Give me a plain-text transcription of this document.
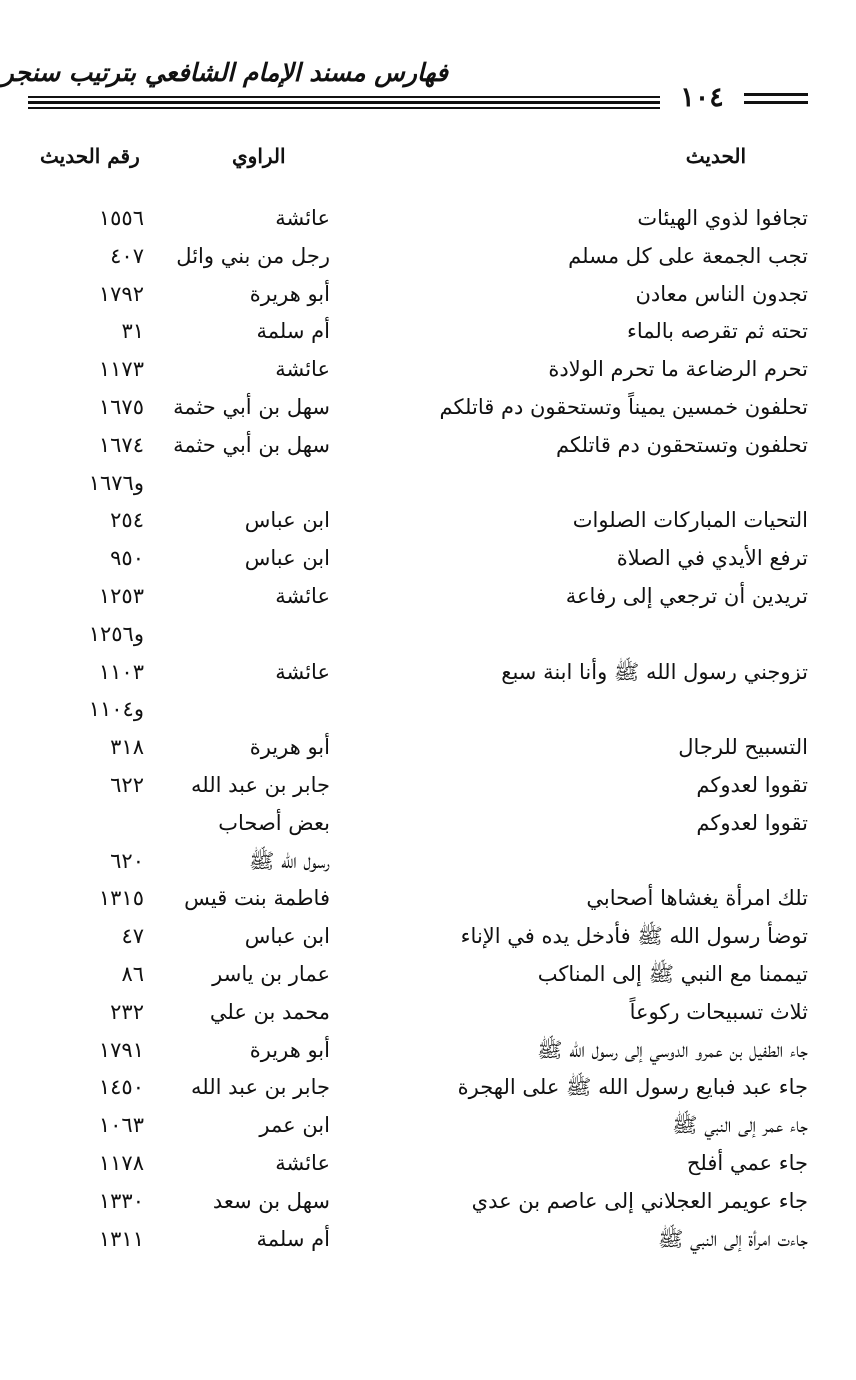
فهارس مسند الإمام الشافعي بترتيب سنجر
١٠٤
الحديث
الراوي
رقم الحديث
تجافوا لذوي الهيئات
عائشة
١٥٥٦
تجب الجمعة على كل مسلم
رجل من بني وائل
٤٠٧
تجدون الناس معادن
أبو هريرة
١٧٩٢
تحته ثم تقرصه بالماء
أم سلمة
٣١
تحرم الرضاعة ما تحرم الولادة
عائشة
١١٧٣
تحلفون خمسين يميناً وتستحقون دم قاتلكم
سهل بن أبي حثمة
١٦٧٥
تحلفون وتستحقون دم قاتلكم
سهل بن أبي حثمة
١٦٧٤
و١٦٧٦
التحيات المباركات الصلوات
ابن عباس
٢٥٤
ترفع الأيدي في الصلاة
ابن عباس
٩٥٠
تريدين أن ترجعي إلى رفاعة
عائشة
١٢٥٣
و١٢٥٦
تزوجني رسول الله ﷺ وأنا ابنة سبع
عائشة
١١٠٣
و١١٠٤
التسبيح للرجال
أبو هريرة
٣١٨
تقووا لعدوكم
جابر بن عبد الله
٦٢٢
تقووا لعدوكم
بعض أصحاب
رسول الله ﷺ
٦٢٠
تلك امرأة يغشاها أصحابي
فاطمة بنت قيس
١٣١٥
توضأ رسول الله ﷺ فأدخل يده في الإناء
ابن عباس
٤٧
تيممنا مع النبي ﷺ إلى المناكب
عمار بن ياسر
٨٦
ثلاث تسبيحات ركوعاً
محمد بن علي
٢٣٢
جاء الطفيل بن عمرو الدوسي إلى رسول الله ﷺ
أبو هريرة
١٧٩١
جاء عبد فبايع رسول الله ﷺ على الهجرة
جابر بن عبد الله
١٤٥٠
جاء عمر إلى النبي ﷺ
ابن عمر
١٠٦٣
جاء عمي أفلح
عائشة
١١٧٨
جاء عويمر العجلاني إلى عاصم بن عدي
سهل بن سعد
١٣٣٠
جاءت امرأة إلى النبي ﷺ
أم سلمة
١٣١١
